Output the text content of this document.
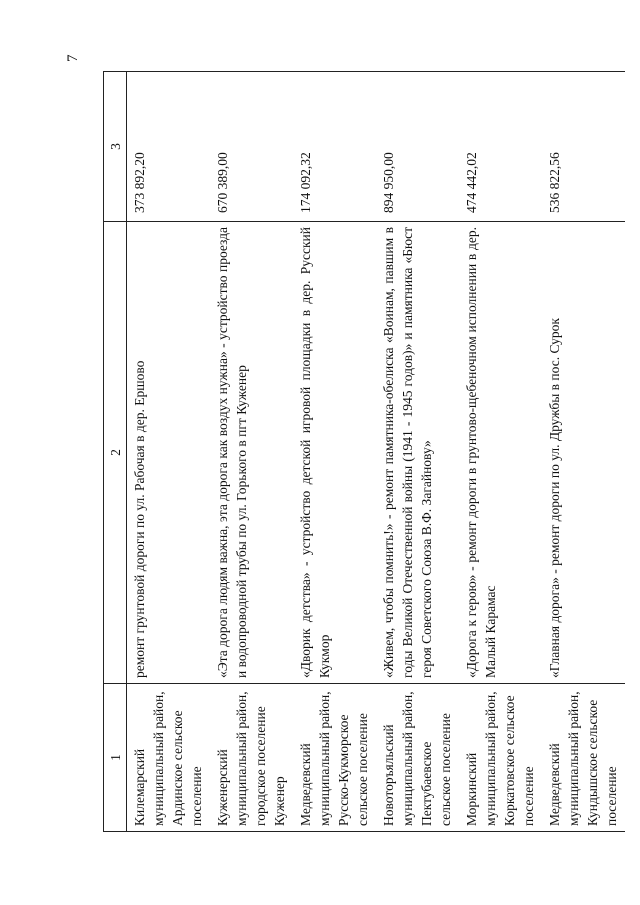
7
1	2	3
Килемарский муниципальный район, Ардинское сельское поселение	ремонт грунтовой дороги по ул. Рабочая в дер. Ершово	373 892,20
Куженерский муниципальный район, городское поселение Куженер	«Эта дорога людям важна, эта дорога как воздух нужна» - устройство проезда и водопроводной трубы по ул. Горького в пгт Куженер	670 389,00
Медведевский муниципальный район, Русско-Кукморское сельское поселение	«Дворик детства» - устройство детской игровой площадки в дер. Русский Кукмор	174 092,32
Новоторъяльский муниципальный район, Пектубаевское сельское поселение	«Живем, чтобы помнить!» - ремонт памятника-обелиска «Воинам, павшим в годы Великой Отечественной войны (1941 - 1945 годов)» и памятника «Бюст героя Советского Союза В.Ф. Загайнову»	894 950,00
Моркинский муниципальный район, Коркатовское сельское поселение	«Дорога к герою» - ремонт дороги в грунтово-щебеночном исполнении в дер. Малый Карамас	474 442,02
Медведевский муниципальный район, Кундышское сельское поселение	«Главная дорога» - ремонт дороги по ул. Дружбы в пос. Сурок	536 822,56
